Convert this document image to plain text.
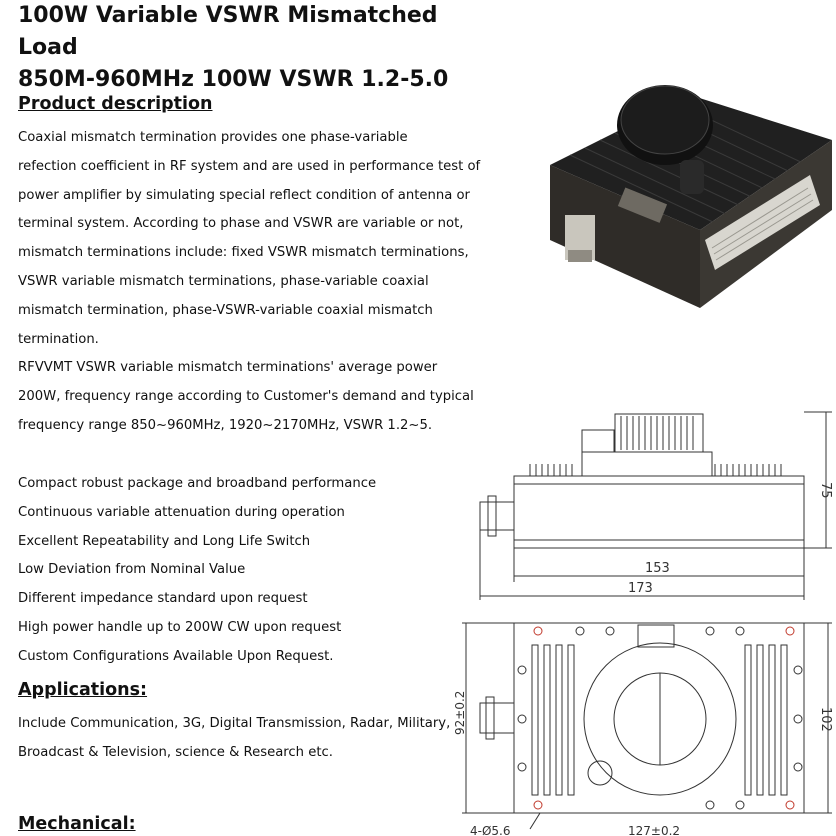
100W Variable VSWR Mismatched Load
850M-960MHz 100W VSWR 1.2-5.0
Product description
Coaxial mismatch termination provides one phase-variable
refection coefficient in RF system and are used in performance test of
power amplifier by simulating special reflect condition of antenna or
terminal system. According to phase and VSWR are variable or not,
mismatch terminations include: fixed VSWR mismatch terminations,
VSWR variable mismatch terminations, phase-variable coaxial
mismatch termination, phase-VSWR-variable coaxial mismatch
termination.
RFVVMT VSWR variable mismatch terminations' average power
200W, frequency range according to Customer's demand and typical
frequency range 850~960MHz, 1920~2170MHz, VSWR 1.2~5.
Compact robust package and broadband performance
Continuous variable attenuation during operation
Excellent Repeatability and Long Life Switch
Low Deviation from Nominal Value
Different impedance standard upon request
High power handle up to 200W CW upon request
Custom Configurations Available Upon Request.
Applications:
Include Communication, 3G, Digital Transmission, Radar, Military,
Broadcast & Television, science & Research etc.
Mechanical:
75
153
173
92±0.2	102
127±0.2
4-Ø5.6
